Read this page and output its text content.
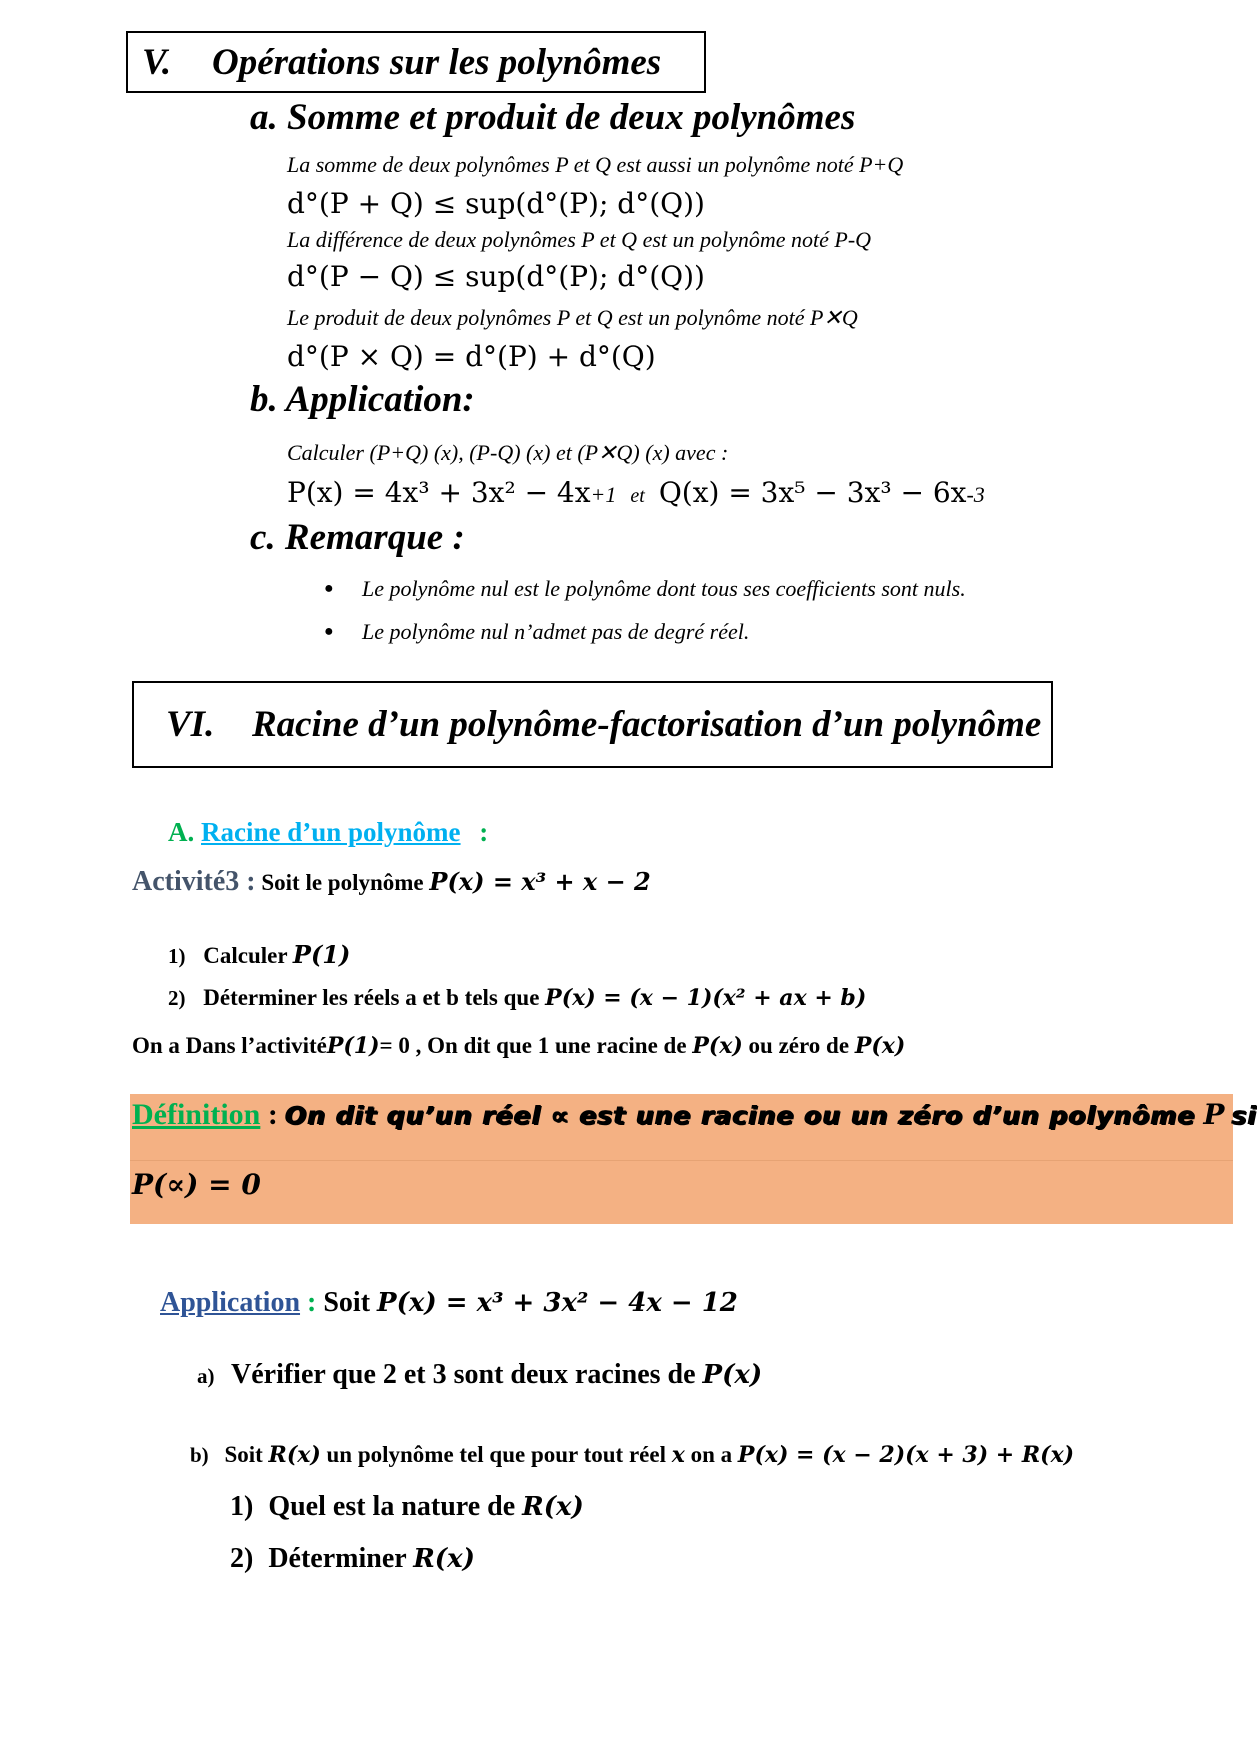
V. Opérations sur les polynômes
a. Somme et produit de deux polynômes
La somme de deux polynômes P et Q est aussi un polynôme noté P+Q
d°(P + Q) ≤ sup(d°(P); d°(Q))
La différence de deux polynômes P et Q est un polynôme noté P-Q
d°(P − Q) ≤ sup(d°(P); d°(Q))
Le produit de deux polynômes P et Q est un polynôme noté P✕Q
d°(P × Q) = d°(P) + d°(Q)
b. Application:
Calculer (P+Q) (x), (P-Q) (x) et (P✕Q) (x) avec :
P(x) = 4x³ + 3x² − 4x+1 et Q(x) = 3x⁵ − 3x³ − 6x-3
c. Remarque :
● Le polynôme nul est le polynôme dont tous ses coefficients sont nuls.
● Le polynôme nul n’admet pas de degré réel.
VI. Racine d’un polynôme-factorisation d’un polynôme
A. Racine d’un polynôme :
Activité3 : Soit le polynôme P(x) = x³ + x − 2
1) Calculer P(1)
2) Déterminer les réels a et b tels que P(x) = (x − 1)(x² + ax + b)
On a Dans l’activitéP(1)= 0 , On dit que 1 une racine de P(x) ou zéro de P(x)
Définition : On dit qu’un réel ∝ est une racine ou un zéro d’un polynôme P si
P(∝) = 0
Application : Soit P(x) = x³ + 3x² − 4x − 12
a) Vérifier que 2 et 3 sont deux racines de P(x)
b) Soit R(x) un polynôme tel que pour tout réel x on a P(x) = (x − 2)(x + 3) + R(x)
1) Quel est la nature de R(x)
2) Déterminer R(x)
